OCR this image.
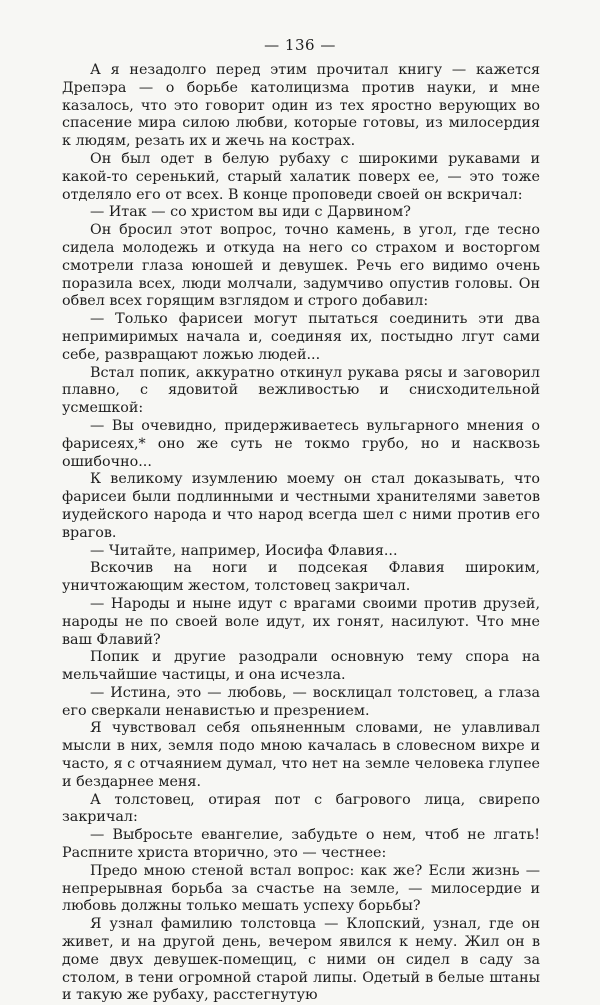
— 136 —

А я незадолго перед этим прочитал книгу — кажется Дрепэра — о борьбе католицизма против науки, и мне казалось, что это говорит один из тех яростно верующих во спасение мира силою любви, которые готовы, из милосердия к людям, резать их и жечь на кострах.

Он был одет в белую рубаху с широкими рукавами и какой-то серенький, старый халатик поверх ее, — это тоже отделяло его от всех. В конце проповеди своей он вскричал:

— Итак — со христом вы иди с Дарвином?

Он бросил этот вопрос, точно камень, в угол, где тесно сидела молодежь и откуда на него со страхом и восторгом смотрели глаза юношей и девушек. Речь его видимо очень поразила всех, люди молчали, задумчиво опустив головы. Он обвел всех горящим взглядом и строго добавил:

— Только фарисеи могут пытаться соединить эти два непримиримых начала и, соединяя их, постыдно лгут сами себе, развращают ложью людей...

Встал попик, аккуратно откинул рукава рясы и заговорил плавно, с ядовитой вежливостью и снисходительной усмешкой:

— Вы очевидно, придерживаетесь вульгарного мнения о фарисеях,* оно же суть не токмо грубо, но и насквозь ошибочно...

К великому изумлению моему он стал доказывать, что фарисеи были подлинными и честными хранителями заветов иудейского народа и что народ всегда шел с ними против его врагов.

— Читайте, например, Иосифа Флавия...

Вскочив на ноги и подсекая Флавия широким, уничтожающим жестом, толстовец закричал.

— Народы и ныне идут с врагами своими против друзей, народы не по своей воле идут, их гонят, насилуют. Что мне ваш Флавий?

Попик и другие разодрали основную тему спора на мельчайшие частицы, и она исчезла.

— Истина, это — любовь, — восклицал толстовец, а глаза его сверкали ненавистью и презрением.

Я чувствовал себя опьяненным словами, не улавливал мысли в них, земля подо мною качалась в словесном вихре и часто, я с отчаянием думал, что нет на земле человека глупее и бездарнее меня.

А толстовец, отирая пот с багрового лица, свирепо закричал:

— Выбросьте евангелие, забудьте о нем, чтоб не лгать! Распните христа вторично, это — честнее:

Предо мною стеной встал вопрос: как же? Если жизнь — непрерывная борьба за счастье на земле, — милосердие и любовь должны только мешать успеху борьбы?

Я узнал фамилию толстовца — Клопский, узнал, где он живет, и на другой день, вечером явился к нему. Жил он в доме двух девушек-помещиц, с ними он сидел в саду за столом, в тени огромной старой липы. Одетый в белые штаны и такую же рубаху, расстегнутую
